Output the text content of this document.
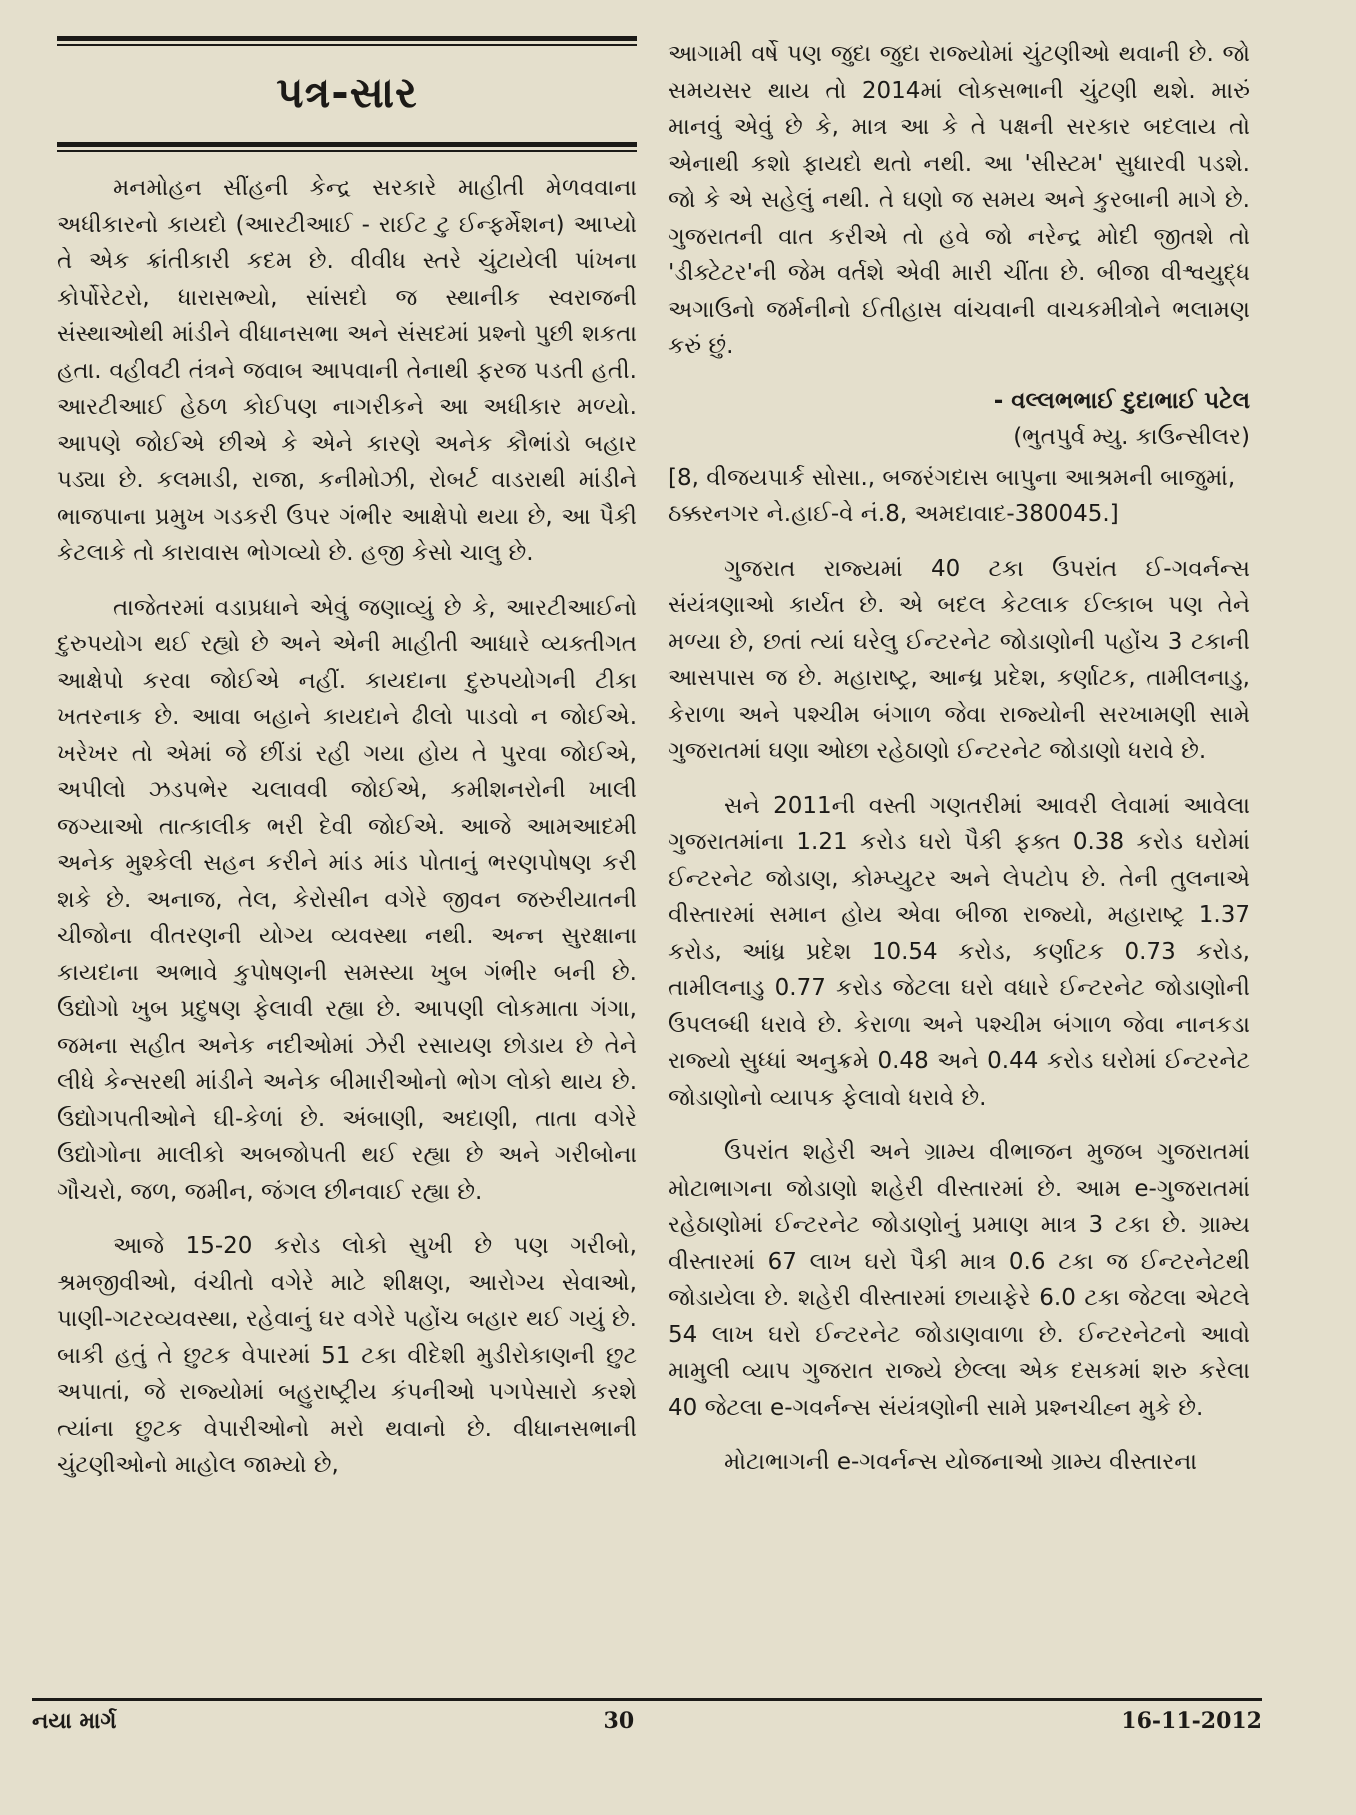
પત્ર-સાર

મનમોહન સીંહની કેન્દ્ર સરકારે માહીતી મેળવવાના અધીકારનો કાયદો (આરટીઆઈ - રાઈટ ટુ ઈન્ફર્મેશન) આપ્યો તે એક ક્રાંતીકારી કદમ છે. વીવીધ સ્તરે ચુંટાયેલી પાંખના કોર્પોરેટરો, ધારાસભ્યો, સાંસદો જ સ્થાનીક સ્વરાજની સંસ્થાઓથી માંડીને વીધાનસભા અને સંસદમાં પ્રશ્નો પુછી શકતા હતા. વહીવટી તંત્રને જવાબ આપવાની તેનાથી ફરજ પડતી હતી. આરટીઆઈ હેઠળ કોઈપણ નાગરીકને આ અધીકાર મળ્યો. આપણે જોઈએ છીએ કે એને કારણે અનેક કૌભાંડો બહાર પડ્યા છે. કલમાડી, રાજા, કનીમોઝી, રોબર્ટ વાડરાથી માંડીને ભાજપાના પ્રમુખ ગડકરી ઉપર ગંભીર આક્ષેપો થયા છે, આ પૈકી કેટલાકે તો કારાવાસ ભોગવ્યો છે. હજી કેસો ચાલુ છે.

તાજેતરમાં વડાપ્રધાને એવું જણાવ્યું છે કે, આરટીઆઈનો દુરુપયોગ થઈ રહ્યો છે અને એની માહીતી આધારે વ્યક્તીગત આક્ષેપો કરવા જોઈએ નહીં. કાયદાના દુરુપયોગની ટીકા ખતરનાક છે. આવા બહાને કાયદાને ઢીલો પાડવો ન જોઈએ. ખરેખર તો એમાં જે છીંડાં રહી ગયા હોય તે પુરવા જોઈએ, અપીલો ઝડપભેર ચલાવવી જોઈએ, કમીશનરોની ખાલી જગ્યાઓ તાત્કાલીક ભરી દેવી જોઈએ. આજે આમઆદમી અનેક મુશ્કેલી સહન કરીને માંડ માંડ પોતાનું ભરણપોષણ કરી શકે છે. અનાજ, તેલ, કેરોસીન વગેરે જીવન જરુરીયાતની ચીજોના વીતરણની યોગ્ય વ્યવસ્થા નથી. અન્ન સુરક્ષાના કાયદાના અભાવે કુપોષણની સમસ્યા ખુબ ગંભીર બની છે. ઉદ્યોગો ખુબ પ્રદુષણ ફેલાવી રહ્યા છે. આપણી લોકમાતા ગંગા, જમના સહીત અનેક નદીઓમાં ઝેરી રસાયણ છોડાય છે તેને લીધે કેન્સરથી માંડીને અનેક બીમારીઓનો ભોગ લોકો થાય છે. ઉદ્યોગપતીઓને ઘી-કેળાં છે. અંબાણી, અદાણી, તાતા વગેરે ઉદ્યોગોના માલીકો અબજોપતી થઈ રહ્યા છે અને ગરીબોના ગૌચરો, જળ, જમીન, જંગલ છીનવાઈ રહ્યા છે.

આજે 15-20 કરોડ લોકો સુખી છે પણ ગરીબો, શ્રમજીવીઓ, વંચીતો વગેરે માટે શીક્ષણ, આરોગ્ય સેવાઓ, પાણી-ગટરવ્યવસ્થા, રહેવાનું ઘર વગેરે પહોંચ બહાર થઈ ગયું છે. બાકી હતું તે છુટક વેપારમાં 51 ટકા વીદેશી મુડીરોકાણની છુટ અપાતાં, જે રાજ્યોમાં બહુરાષ્ટ્રીય કંપનીઓ પગપેસારો કરશે ત્યાંના છુટક વેપારીઓનો મરો થવાનો છે. વીધાનસભાની ચુંટણીઓનો માહોલ જામ્યો છે,

આગામી વર્ષે પણ જુદા જુદા રાજ્યોમાં ચુંટણીઓ થવાની છે. જો સમયસર થાય તો 2014માં લોકસભાની ચુંટણી થશે. મારું માનવું એવું છે કે, માત્ર આ કે તે પક્ષની સરકાર બદલાય તો એનાથી કશો ફાયદો થતો નથી. આ 'સીસ્ટમ' સુધારવી પડશે. જો કે એ સહેલું નથી. તે ઘણો જ સમય અને કુરબાની માગે છે. ગુજરાતની વાત કરીએ તો હવે જો નરેન્દ્ર મોદી જીતશે તો 'ડીક્ટેટર'ની જેમ વર્તશે એવી મારી ચીંતા છે. બીજા વીશ્વયુદ્ધ અગાઉનો જર્મનીનો ઈતીહાસ વાંચવાની વાચકમીત્રોને ભલામણ કરું છું.

- વલ્લભભાઈ દુદાભાઈ પટેલ
(ભુતપુર્વ મ્યુ. કાઉન્સીલર)
[8, વીજયપાર્ક સોસા., બજરંગદાસ બાપુના આશ્રમની બાજુમાં, ઠક્કરનગર ને.હાઈ-વે નં.8, અમદાવાદ-380045.]

ગુજરાત રાજ્યમાં 40 ટકા ઉપરાંત ઈ-ગવર્નન્સ સંયંત્રણાઓ કાર્યત છે. એ બદલ કેટલાક ઈલ્કાબ પણ તેને મળ્યા છે, છતાં ત્યાં ઘરેલુ ઈન્ટરનેટ જોડાણોની પહોંચ 3 ટકાની આસપાસ જ છે. મહારાષ્ટ્ર, આન્ધ્ર પ્રદેશ, કર્ણાટક, તામીલનાડુ, કેરાળા અને પશ્ચીમ બંગાળ જેવા રાજ્યોની સરખામણી સામે ગુજરાતમાં ઘણા ઓછા રહેઠાણો ઈન્ટરનેટ જોડાણો ધરાવે છે.

સને 2011ની વસ્તી ગણતરીમાં આવરી લેવામાં આવેલા ગુજરાતમાંના 1.21 કરોડ ઘરો પૈકી ફક્ત 0.38 કરોડ ઘરોમાં ઈન્ટરનેટ જોડાણ, કોમ્પ્યુટર અને લેપટોપ છે. તેની તુલનાએ વીસ્તારમાં સમાન હોય એવા બીજા રાજ્યો, મહારાષ્ટ્ર 1.37 કરોડ, આંધ્ર પ્રદેશ 10.54 કરોડ, કર્ણાટક 0.73 કરોડ, તામીલનાડુ 0.77 કરોડ જેટલા ઘરો વધારે ઈન્ટરનેટ જોડાણોની ઉપલબ્ધી ધરાવે છે. કેરાળા અને પશ્ચીમ બંગાળ જેવા નાનકડા રાજ્યો સુધ્ધાં અનુક્રમે 0.48 અને 0.44 કરોડ ઘરોમાં ઈન્ટરનેટ જોડાણોનો વ્યાપક ફેલાવો ધરાવે છે.

ઉપરાંત શહેરી અને ગ્રામ્ય વીભાજન મુજબ ગુજરાતમાં મોટાભાગના જોડાણો શહેરી વીસ્તારમાં છે. આમ e-ગુજરાતમાં રહેઠાણોમાં ઈન્ટરનેટ જોડાણોનું પ્રમાણ માત્ર 3 ટકા છે. ગ્રામ્ય વીસ્તારમાં 67 લાખ ઘરો પૈકી માત્ર 0.6 ટકા જ ઈન્ટરનેટથી જોડાયેલા છે. શહેરી વીસ્તારમાં છાયાફેરે 6.0 ટકા જેટલા એટલે 54 લાખ ઘરો ઈન્ટરનેટ જોડાણવાળા છે. ઈન્ટરનેટનો આવો મામુલી વ્યાપ ગુજરાત રાજ્યે છેલ્લા એક દસકમાં શરુ કરેલા 40 જેટલા e-ગવર્નન્સ સંયંત્રણોની સામે પ્રશ્નચીહ્ન મુકે છે.

મોટાભાગની e-ગવર્નન્સ યોજનાઓ ગ્રામ્ય વીસ્તારના

નયા માર્ગ	30	16-11-2012
